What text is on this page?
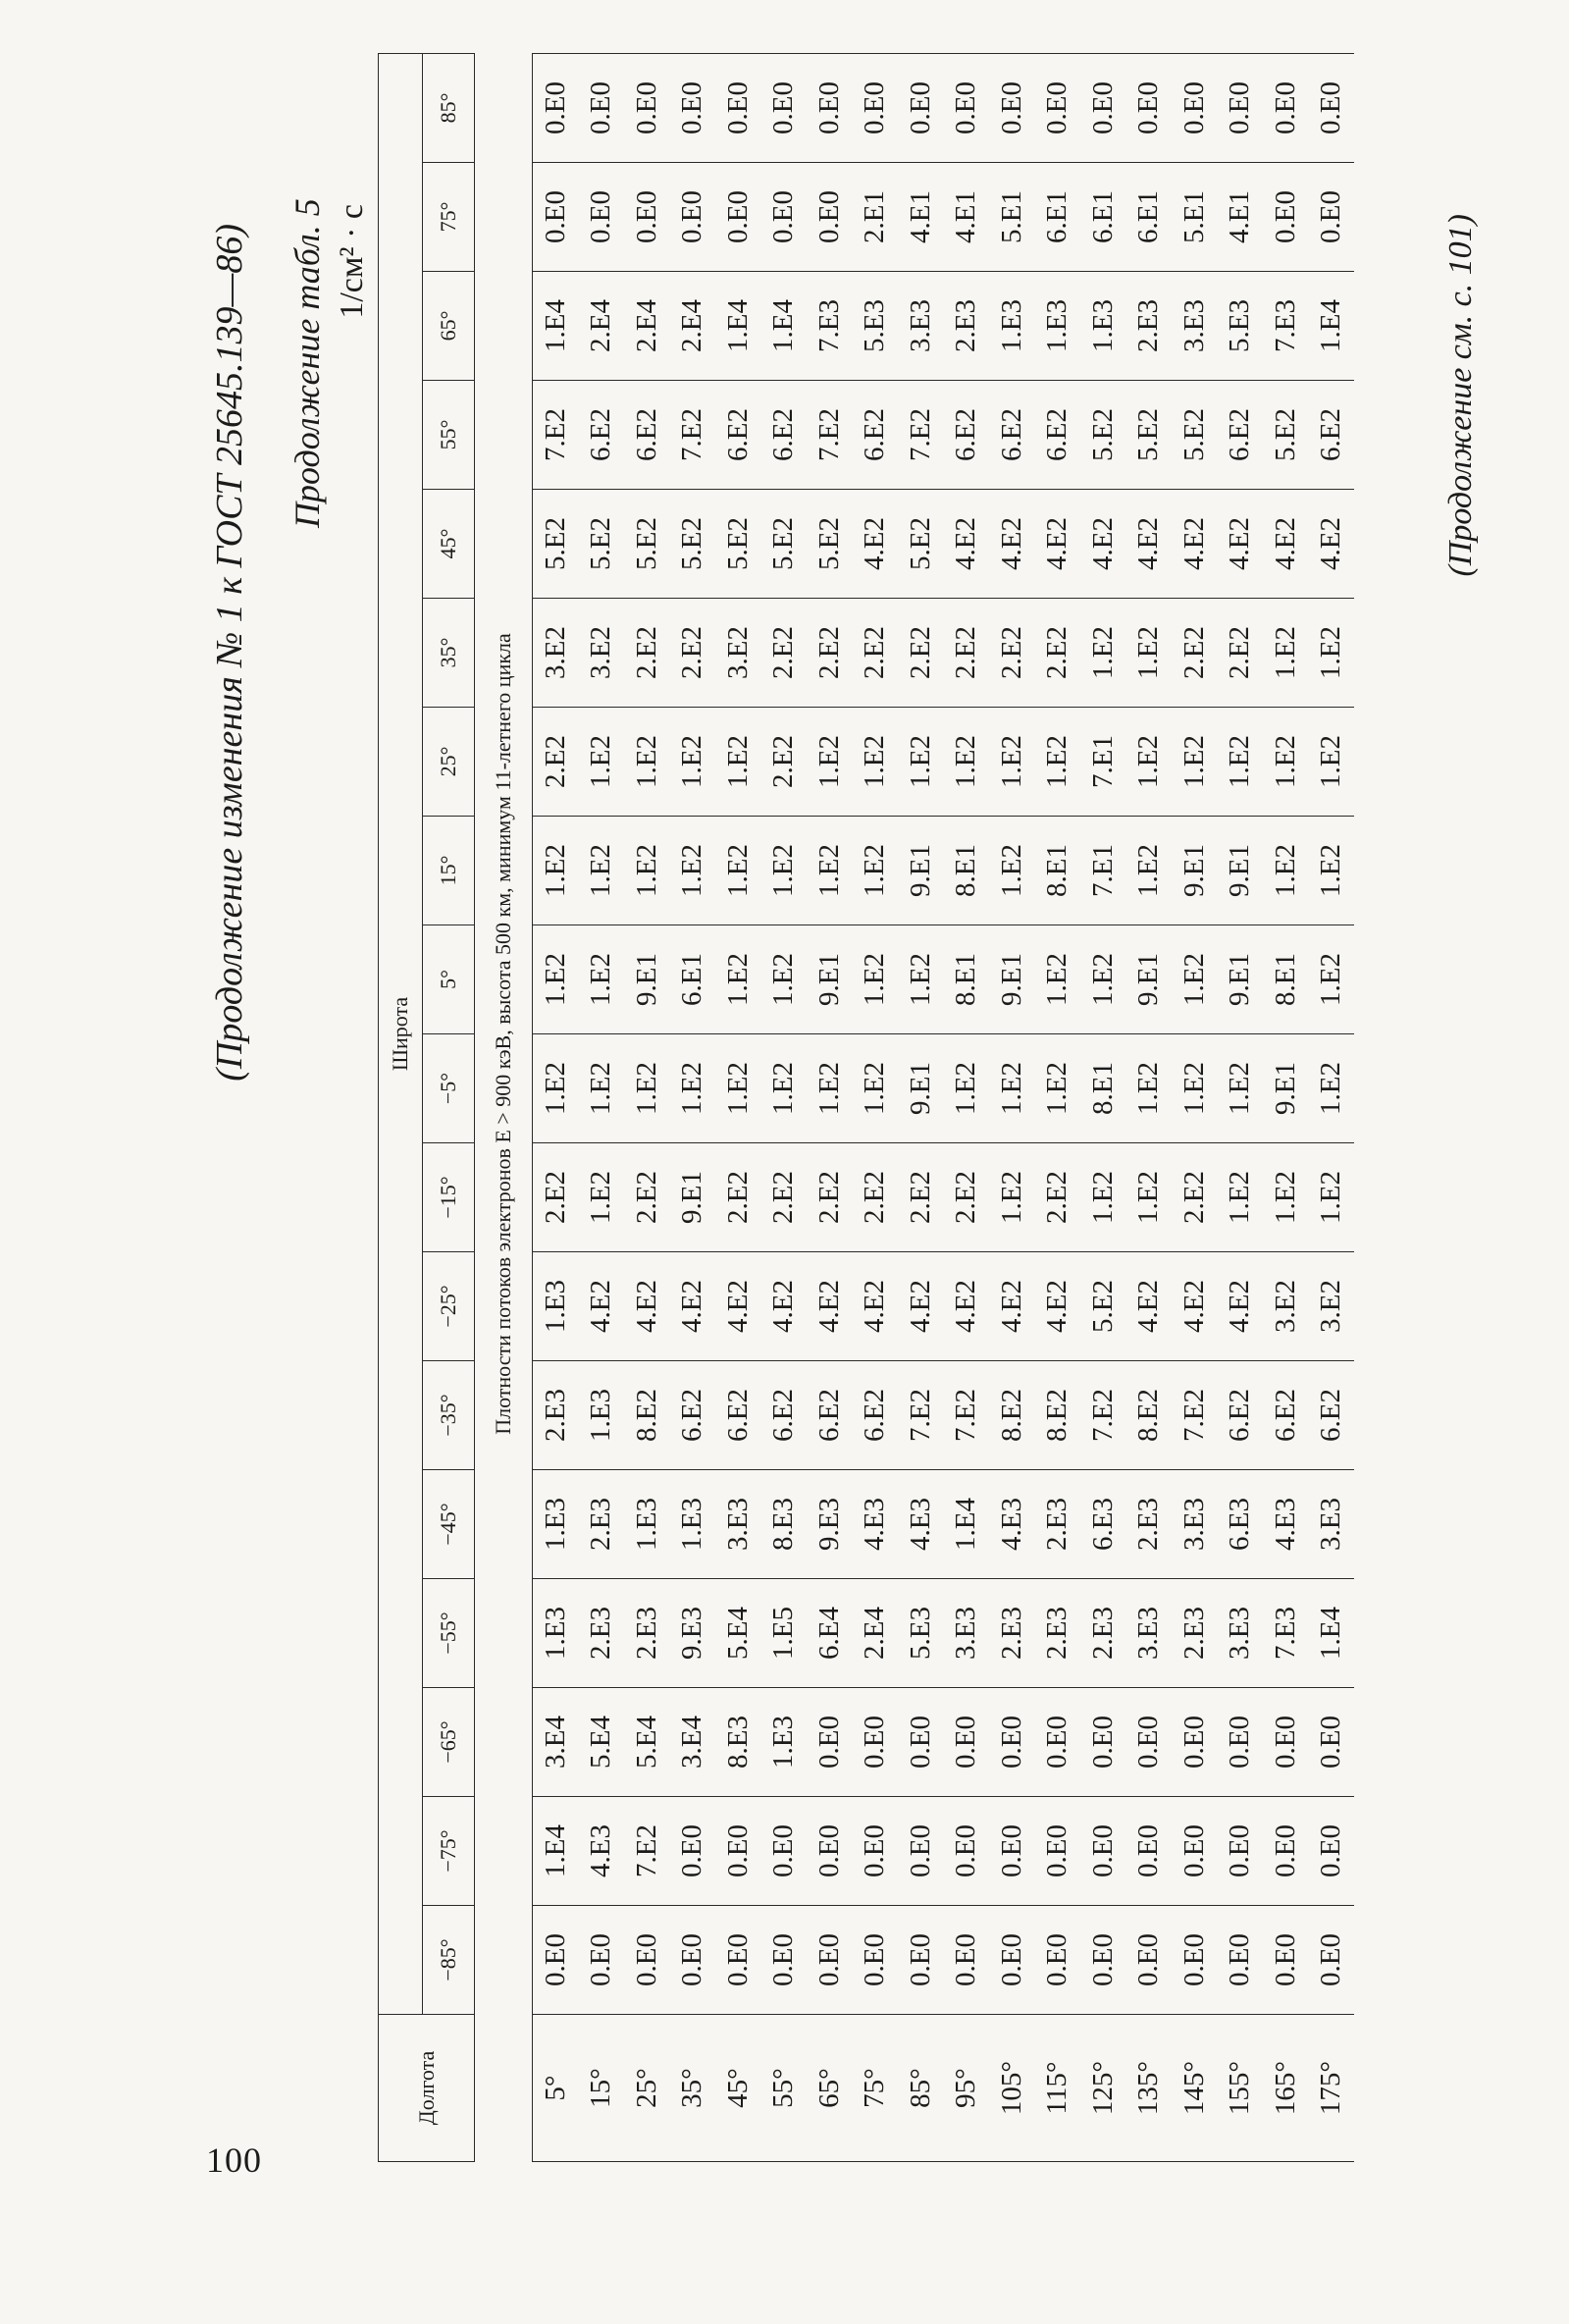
100
(Продолжение изменения № 1 к ГОСТ 25645.139—86) Продолжение табл. 5 1/см² · с
Долгота	Широта																	
	−85°	−75°	−65°	−55°	−45°	−35°	−25°	−15°	−5°	5°	15°	25°	35°	45°	55°	65°	75°	85°
	Плотности потоков электронов E > 900 кэВ, высота 500 км, минимум 11-летнего цикла																	
5°	0.E0	1.E4	3.E4	1.E3	1.E3	2.E3	1.E3	2.E2	1.E2	1.E2	1.E2	2.E2	3.E2	5.E2	7.E2	1.E4	0.E0	0.E0
15°	0.E0	4.E3	5.E4	2.E3	2.E3	1.E3	4.E2	1.E2	1.E2	1.E2	1.E2	1.E2	3.E2	5.E2	6.E2	2.E4	0.E0	0.E0
25°	0.E0	7.E2	5.E4	2.E3	1.E3	8.E2	4.E2	2.E2	1.E2	9.E1	1.E2	1.E2	2.E2	5.E2	6.E2	2.E4	0.E0	0.E0
35°	0.E0	0.E0	3.E4	9.E3	1.E3	6.E2	4.E2	9.E1	1.E2	6.E1	1.E2	1.E2	2.E2	5.E2	7.E2	2.E4	0.E0	0.E0
45°	0.E0	0.E0	8.E3	5.E4	3.E3	6.E2	4.E2	2.E2	1.E2	1.E2	1.E2	1.E2	3.E2	5.E2	6.E2	1.E4	0.E0	0.E0
55°	0.E0	0.E0	1.E3	1.E5	8.E3	6.E2	4.E2	2.E2	1.E2	1.E2	1.E2	2.E2	2.E2	5.E2	6.E2	1.E4	0.E0	0.E0
65°	0.E0	0.E0	0.E0	6.E4	9.E3	6.E2	4.E2	2.E2	1.E2	9.E1	1.E2	1.E2	2.E2	5.E2	7.E2	7.E3	0.E0	0.E0
75°	0.E0	0.E0	0.E0	2.E4	4.E3	6.E2	4.E2	2.E2	1.E2	1.E2	1.E2	1.E2	2.E2	4.E2	6.E2	5.E3	2.E1	0.E0
85°	0.E0	0.E0	0.E0	5.E3	4.E3	7.E2	4.E2	2.E2	9.E1	1.E2	9.E1	1.E2	2.E2	5.E2	7.E2	3.E3	4.E1	0.E0
95°	0.E0	0.E0	0.E0	3.E3	1.E4	7.E2	4.E2	2.E2	1.E2	8.E1	8.E1	1.E2	2.E2	4.E2	6.E2	2.E3	4.E1	0.E0
105°	0.E0	0.E0	0.E0	2.E3	4.E3	8.E2	4.E2	1.E2	1.E2	9.E1	1.E2	1.E2	2.E2	4.E2	6.E2	1.E3	5.E1	0.E0
115°	0.E0	0.E0	0.E0	2.E3	2.E3	8.E2	4.E2	2.E2	1.E2	1.E2	8.E1	1.E2	2.E2	4.E2	6.E2	1.E3	6.E1	0.E0
125°	0.E0	0.E0	0.E0	2.E3	6.E3	7.E2	5.E2	1.E2	8.E1	1.E2	7.E1	7.E1	1.E2	4.E2	5.E2	1.E3	6.E1	0.E0
135°	0.E0	0.E0	0.E0	3.E3	2.E3	8.E2	4.E2	1.E2	1.E2	9.E1	1.E2	1.E2	1.E2	4.E2	5.E2	2.E3	6.E1	0.E0
145°	0.E0	0.E0	0.E0	2.E3	3.E3	7.E2	4.E2	2.E2	1.E2	1.E2	9.E1	1.E2	2.E2	4.E2	5.E2	3.E3	5.E1	0.E0
155°	0.E0	0.E0	0.E0	3.E3	6.E3	6.E2	4.E2	1.E2	1.E2	9.E1	9.E1	1.E2	2.E2	4.E2	6.E2	5.E3	4.E1	0.E0
165°	0.E0	0.E0	0.E0	7.E3	4.E3	6.E2	3.E2	1.E2	9.E1	8.E1	1.E2	1.E2	1.E2	4.E2	5.E2	7.E3	0.E0	0.E0
175°	0.E0	0.E0	0.E0	1.E4	3.E3	6.E2	3.E2	1.E2	1.E2	1.E2	1.E2	1.E2	1.E2	4.E2	6.E2	1.E4	0.E0	0.E0
(Продолжение см. с. 101)
